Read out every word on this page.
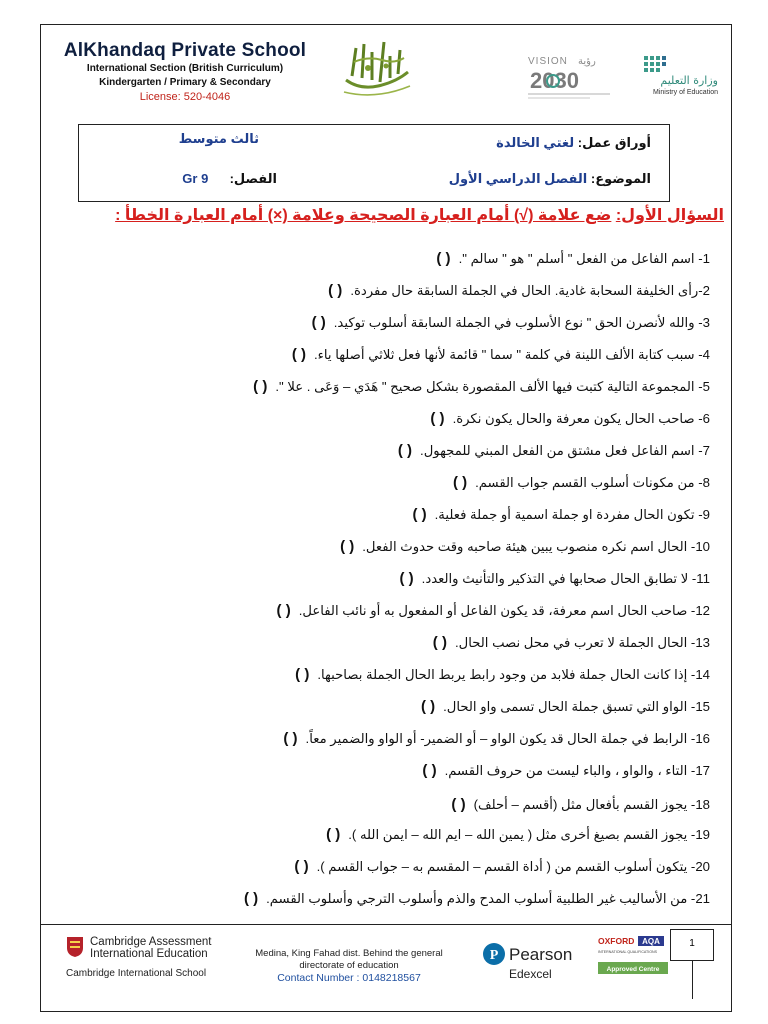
AlKhandaq Private School
International Section (British Curriculum)
Kindergarten / Primary & Secondary
License: 520-4046
VISION رؤية
2030	وزارة التعليم
Ministry of Education
أوراق عمل: لغتي الخالدة
ثالث متوسط
الموضوع: الفصل الدراسي الأول
الفصل:  Gr 9
السؤال الأول: ضع علامة (√) أمام العبارة الصحيحة وعلامة (×) أمام العبارة الخطأ :
1- اسم الفاعل من الفعل " أسلم " هو " سالم ".( )
2-رأى الخليفة السحابة غادية. الحال في الجملة السابقة حال مفردة.( )
3- والله لأنصرن الحق " نوع الأسلوب في الجملة السابقة أسلوب توكيد.( )
4- سبب كتابة الألف اللينة في كلمة " سما " قائمة لأنها فعل ثلاثي أصلها ياء.( )
5- المجموعة التالية كتبت فيها الألف المقصورة بشكل صحيح " هَدَي – وَعَى . علا ".( )
6- صاحب الحال يكون معرفة والحال يكون نكرة.( )
7- اسم الفاعل فعل مشتق من الفعل المبني للمجهول.( )
8- من مكونات أسلوب القسم جواب القسم.( )
9- تكون الحال مفردة او جملة اسمية أو جملة فعلية.( )
10- الحال اسم نكره منصوب يبين هيئة صاحبه وقت حدوث الفعل.( )
11- لا تطابق الحال صحابها في التذكير والتأنيث والعدد.( )
12- صاحب الحال اسم معرفة، قد يكون الفاعل أو المفعول به أو نائب الفاعل.( )
13- الحال الجملة لا تعرب في محل نصب الحال.( )
14- إذا كانت الحال جملة فلابد من وجود رابط يربط الحال الجملة بصاحبها.( )
15- الواو التي تسبق جملة الحال تسمى واو الحال.( )
16- الرابط في جملة الحال قد يكون الواو – أو الضمير- أو الواو والضمير معاً.( )
17- التاء ، والواو ، والباء ليست من حروف القسم.( )
18- يجوز القسم بأفعال مثل (أقسم – أحلف)( )
19- يجوز القسم بصيغ أخرى مثل ( يمين الله – ايم الله – ايمن الله ).( )
20- يتكون أسلوب القسم من ( أداة القسم – المقسم به – جواب القسم ).( )
21- من الأساليب غير الطلبية أسلوب المدح والذم وأسلوب الترجي وأسلوب القسم.( )
Cambridge Assessment
International Education
Cambridge International School
Medina, King Fahad dist. Behind the general directorate of education
Contact Number : 0148218567
P Pearson
Edexcel
OXFORD AQA
INTERNATIONAL QUALIFICATIONS
Approved Centre
1
